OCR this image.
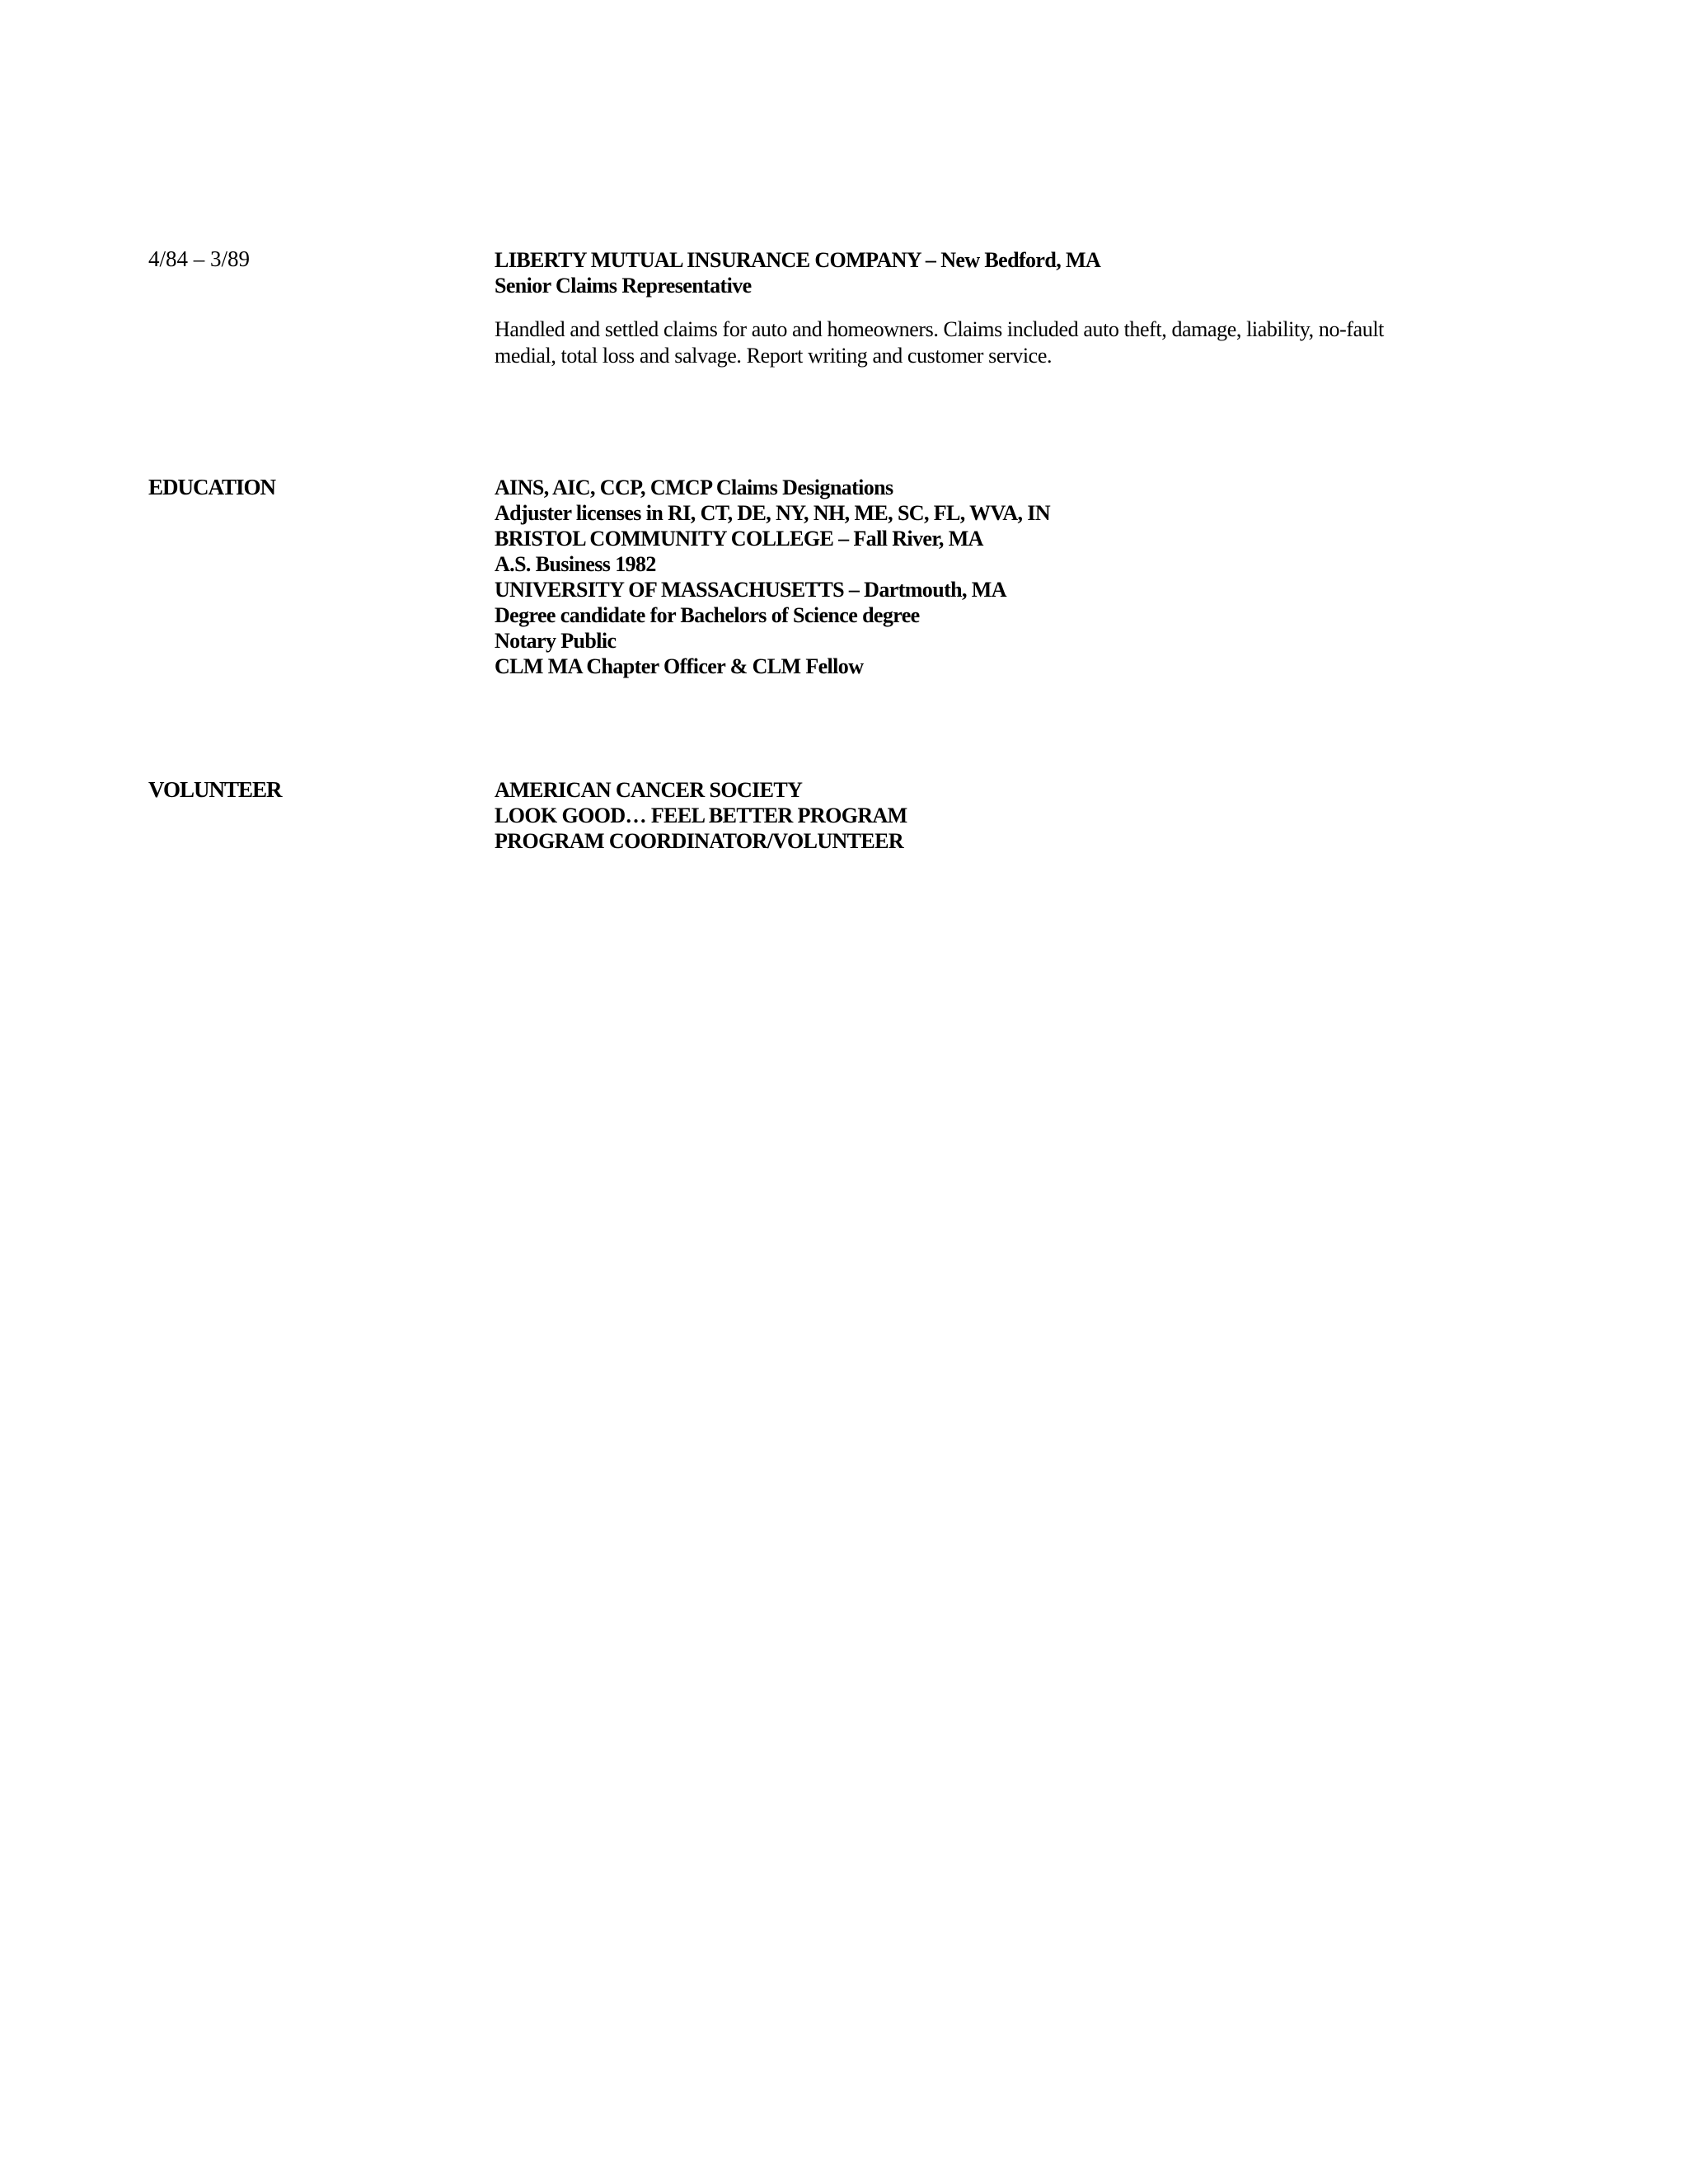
4/84 – 3/89	LIBERTY MUTUAL INSURANCE COMPANY – New Bedford, MA
Senior Claims Representative
Handled and settled claims for auto and homeowners. Claims included auto theft, damage, liability, no-fault
medial, total loss and salvage. Report writing and customer service.
EDUCATION	AINS, AIC, CCP, CMCP Claims Designations
Adjuster licenses in RI, CT, DE, NY, NH, ME, SC, FL, WVA, IN
BRISTOL COMMUNITY COLLEGE – Fall River, MA
A.S. Business 1982
UNIVERSITY OF MASSACHUSETTS – Dartmouth, MA
Degree candidate for Bachelors of Science degree
Notary Public
CLM MA Chapter Officer & CLM Fellow
VOLUNTEER	AMERICAN CANCER SOCIETY
LOOK GOOD… FEEL BETTER PROGRAM
PROGRAM COORDINATOR/VOLUNTEER
